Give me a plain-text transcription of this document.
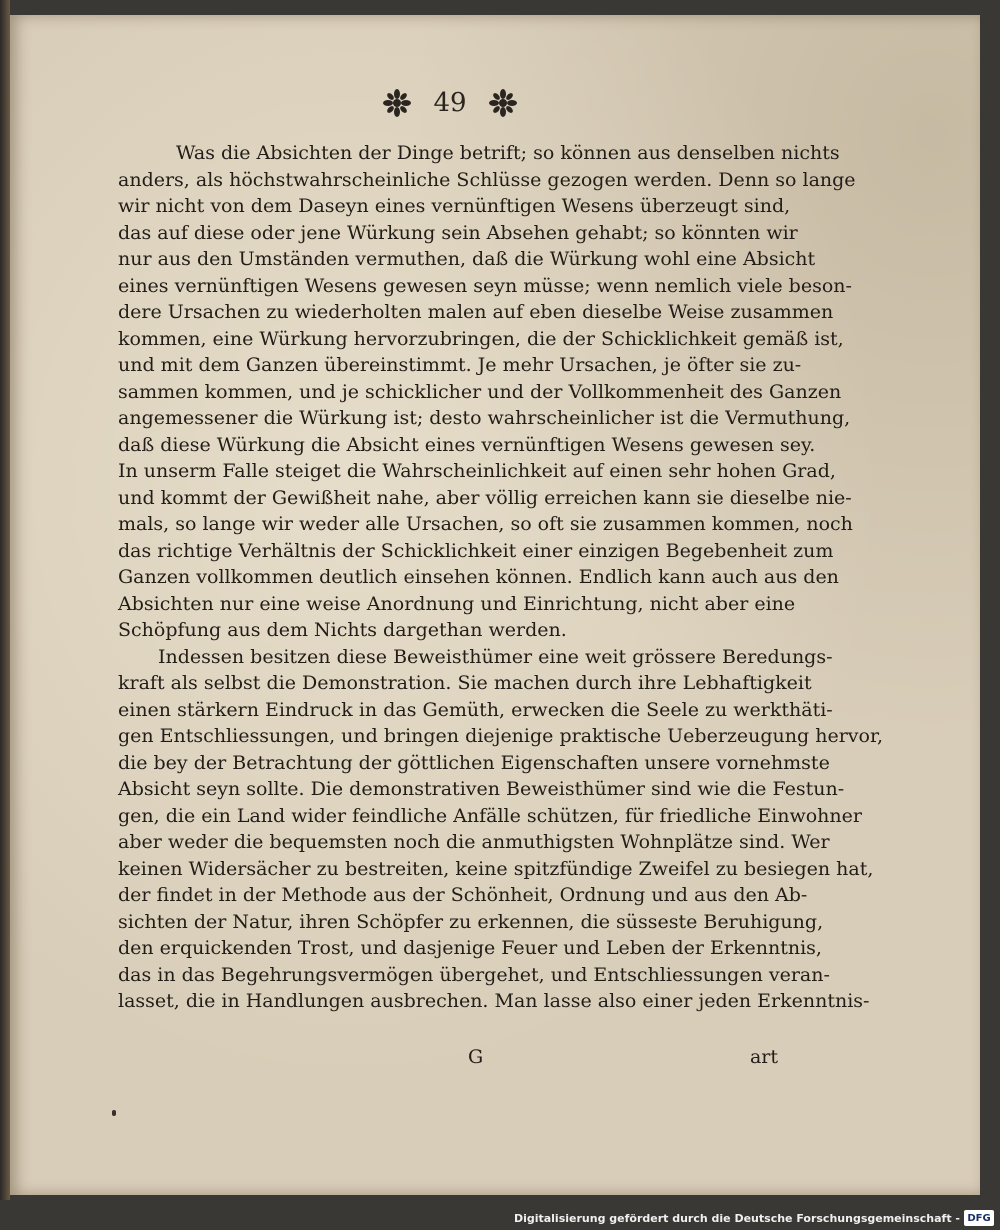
49
Was die Absichten der Dinge betrift; so können aus denselben nichts
anders, als höchstwahrscheinliche Schlüsse gezogen werden. Denn so lange
wir nicht von dem Daseyn eines vernünftigen Wesens überzeugt sind,
das auf diese oder jene Würkung sein Absehen gehabt; so könnten wir
nur aus den Umständen vermuthen, daß die Würkung wohl eine Absicht
eines vernünftigen Wesens gewesen seyn müsse; wenn nemlich viele beson-
dere Ursachen zu wiederholten malen auf eben dieselbe Weise zusammen
kommen, eine Würkung hervorzubringen, die der Schicklichkeit gemäß ist,
und mit dem Ganzen übereinstimmt. Je mehr Ursachen, je öfter sie zu-
sammen kommen, und je schicklicher und der Vollkommenheit des Ganzen
angemessener die Würkung ist; desto wahrscheinlicher ist die Vermuthung,
daß diese Würkung die Absicht eines vernünftigen Wesens gewesen sey.
In unserm Falle steiget die Wahrscheinlichkeit auf einen sehr hohen Grad,
und kommt der Gewißheit nahe, aber völlig erreichen kann sie dieselbe nie-
mals, so lange wir weder alle Ursachen, so oft sie zusammen kommen, noch
das richtige Verhältnis der Schicklichkeit einer einzigen Begebenheit zum
Ganzen vollkommen deutlich einsehen können. Endlich kann auch aus den
Absichten nur eine weise Anordnung und Einrichtung, nicht aber eine
Schöpfung aus dem Nichts dargethan werden.
Indessen besitzen diese Beweisthümer eine weit grössere Beredungs-
kraft als selbst die Demonstration. Sie machen durch ihre Lebhaftigkeit
einen stärkern Eindruck in das Gemüth, erwecken die Seele zu werkthäti-
gen Entschliessungen, und bringen diejenige praktische Ueberzeugung hervor,
die bey der Betrachtung der göttlichen Eigenschaften unsere vornehmste
Absicht seyn sollte. Die demonstrativen Beweisthümer sind wie die Festun-
gen, die ein Land wider feindliche Anfälle schützen, für friedliche Einwohner
aber weder die bequemsten noch die anmuthigsten Wohnplätze sind. Wer
keinen Widersächer zu bestreiten, keine spitzfündige Zweifel zu besiegen hat,
der findet in der Methode aus der Schönheit, Ordnung und aus den Ab-
sichten der Natur, ihren Schöpfer zu erkennen, die süsseste Beruhigung,
den erquickenden Trost, und dasjenige Feuer und Leben der Erkenntnis,
das in das Begehrungsvermögen übergehet, und Entschliessungen veran-
lasset, die in Handlungen ausbrechen. Man lasse also einer jeden Erkenntnis-
G	art
Digitalisierung gefördert durch die Deutsche Forschungsgemeinschaft - DFG
